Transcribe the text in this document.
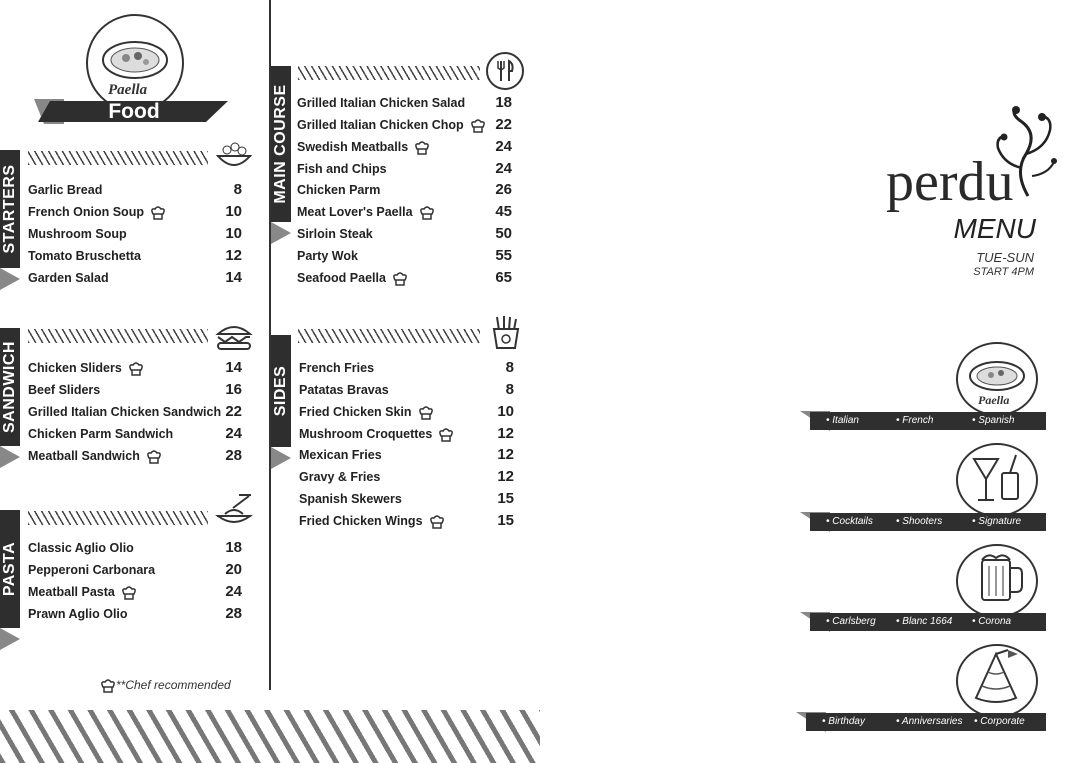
Paella
Food
STARTERS Garlic Bread	8
French Onion Soup	10
Mushroom Soup	10
Tomato Bruschetta	12
Garden Salad	14
SANDWICH Chicken Sliders	14
Beef Sliders	16
Grilled Italian Chicken Sandwich 22
Chicken Parm Sandwich	24
Meatball Sandwich	28
PASTA Classic Aglio Olio	18
Pepperoni Carbonara	20
Meatball Pasta	24
Prawn Aglio Olio	28
**Chef recommended
MAIN COURSE Grilled Italian Chicken Salad	18
Grilled Italian Chicken Chop	22
Swedish Meatballs	24
Fish and Chips	24
Chicken Parm	26
Meat Lover's Paella	45
Sirloin Steak	50
Party Wok	55
Seafood Paella	65
SIDES French Fries	8
Patatas Bravas	8
Fried Chicken Skin	10
Mushroom Croquettes	12
Mexican Fries	12
Gravy & Fries	12
Spanish Skewers	15
Fried Chicken Wings	15
perdu
MENU
TUE-SUN
START 4PM
Paella
• Italian	• French	• Spanish
• Cocktails • Shooters	• Signature
• Carlsberg • Blanc 1664 • Corona
• Birthday	• Anniversaries • Corporate
